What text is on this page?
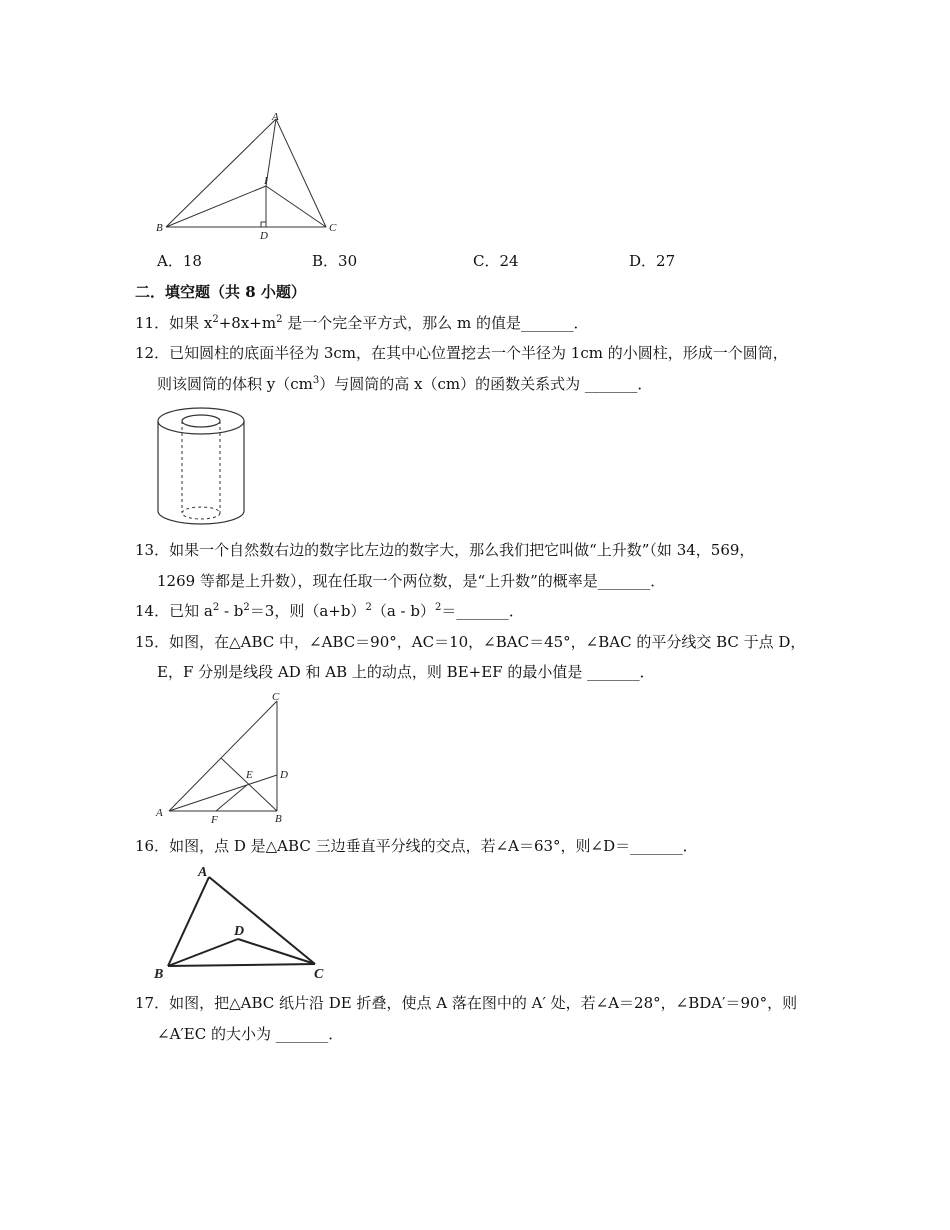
A
I
B
D
C
A．18	B．30	C．24	D．27
二．填空题（共 8 小题）
11．如果 $x^2+8x+m^2$ 是一个完全平方式，那么 m 的值是_______．
12．已知圆柱的底面半径为 3cm，在其中心位置挖去一个半径为 1cm 的小圆柱，形成一个圆筒，
则该圆筒的体积 $y(cm^3)$与圆筒的高 x（cm）的函数关系式为 _______．
13．如果一个自然数右边的数字比左边的数字大，那么我们把它叫做“上升数”（如 34，569，
1269 等都是上升数），现在任取一个两位数，是“上升数”的概率是_______．
14．已知 $a^2 - b^2=3$，则$(a+b)^2(a$ - b）$^2$＝_______．
15．如图，在△ABC 中，∠ABC＝90°，AC＝10，∠BAC＝45°，∠BAC 的平分线交 BC 于点 D，
E，F 分别是线段 AD 和 AB 上的动点，则 BE+EF 的最小值是 _______．
C
E D
A
F	B
16．如图，点 D 是△ABC 三边垂直平分线的交点，若∠A＝63°，则∠D＝_______．
A
D
B	C
17．如图，把△ABC 纸片沿 DE 折叠，使点 A 落在图中的 A′ 处，若∠A＝28°，∠BDA′＝90°，则
∠A′EC 的大小为 _______．
